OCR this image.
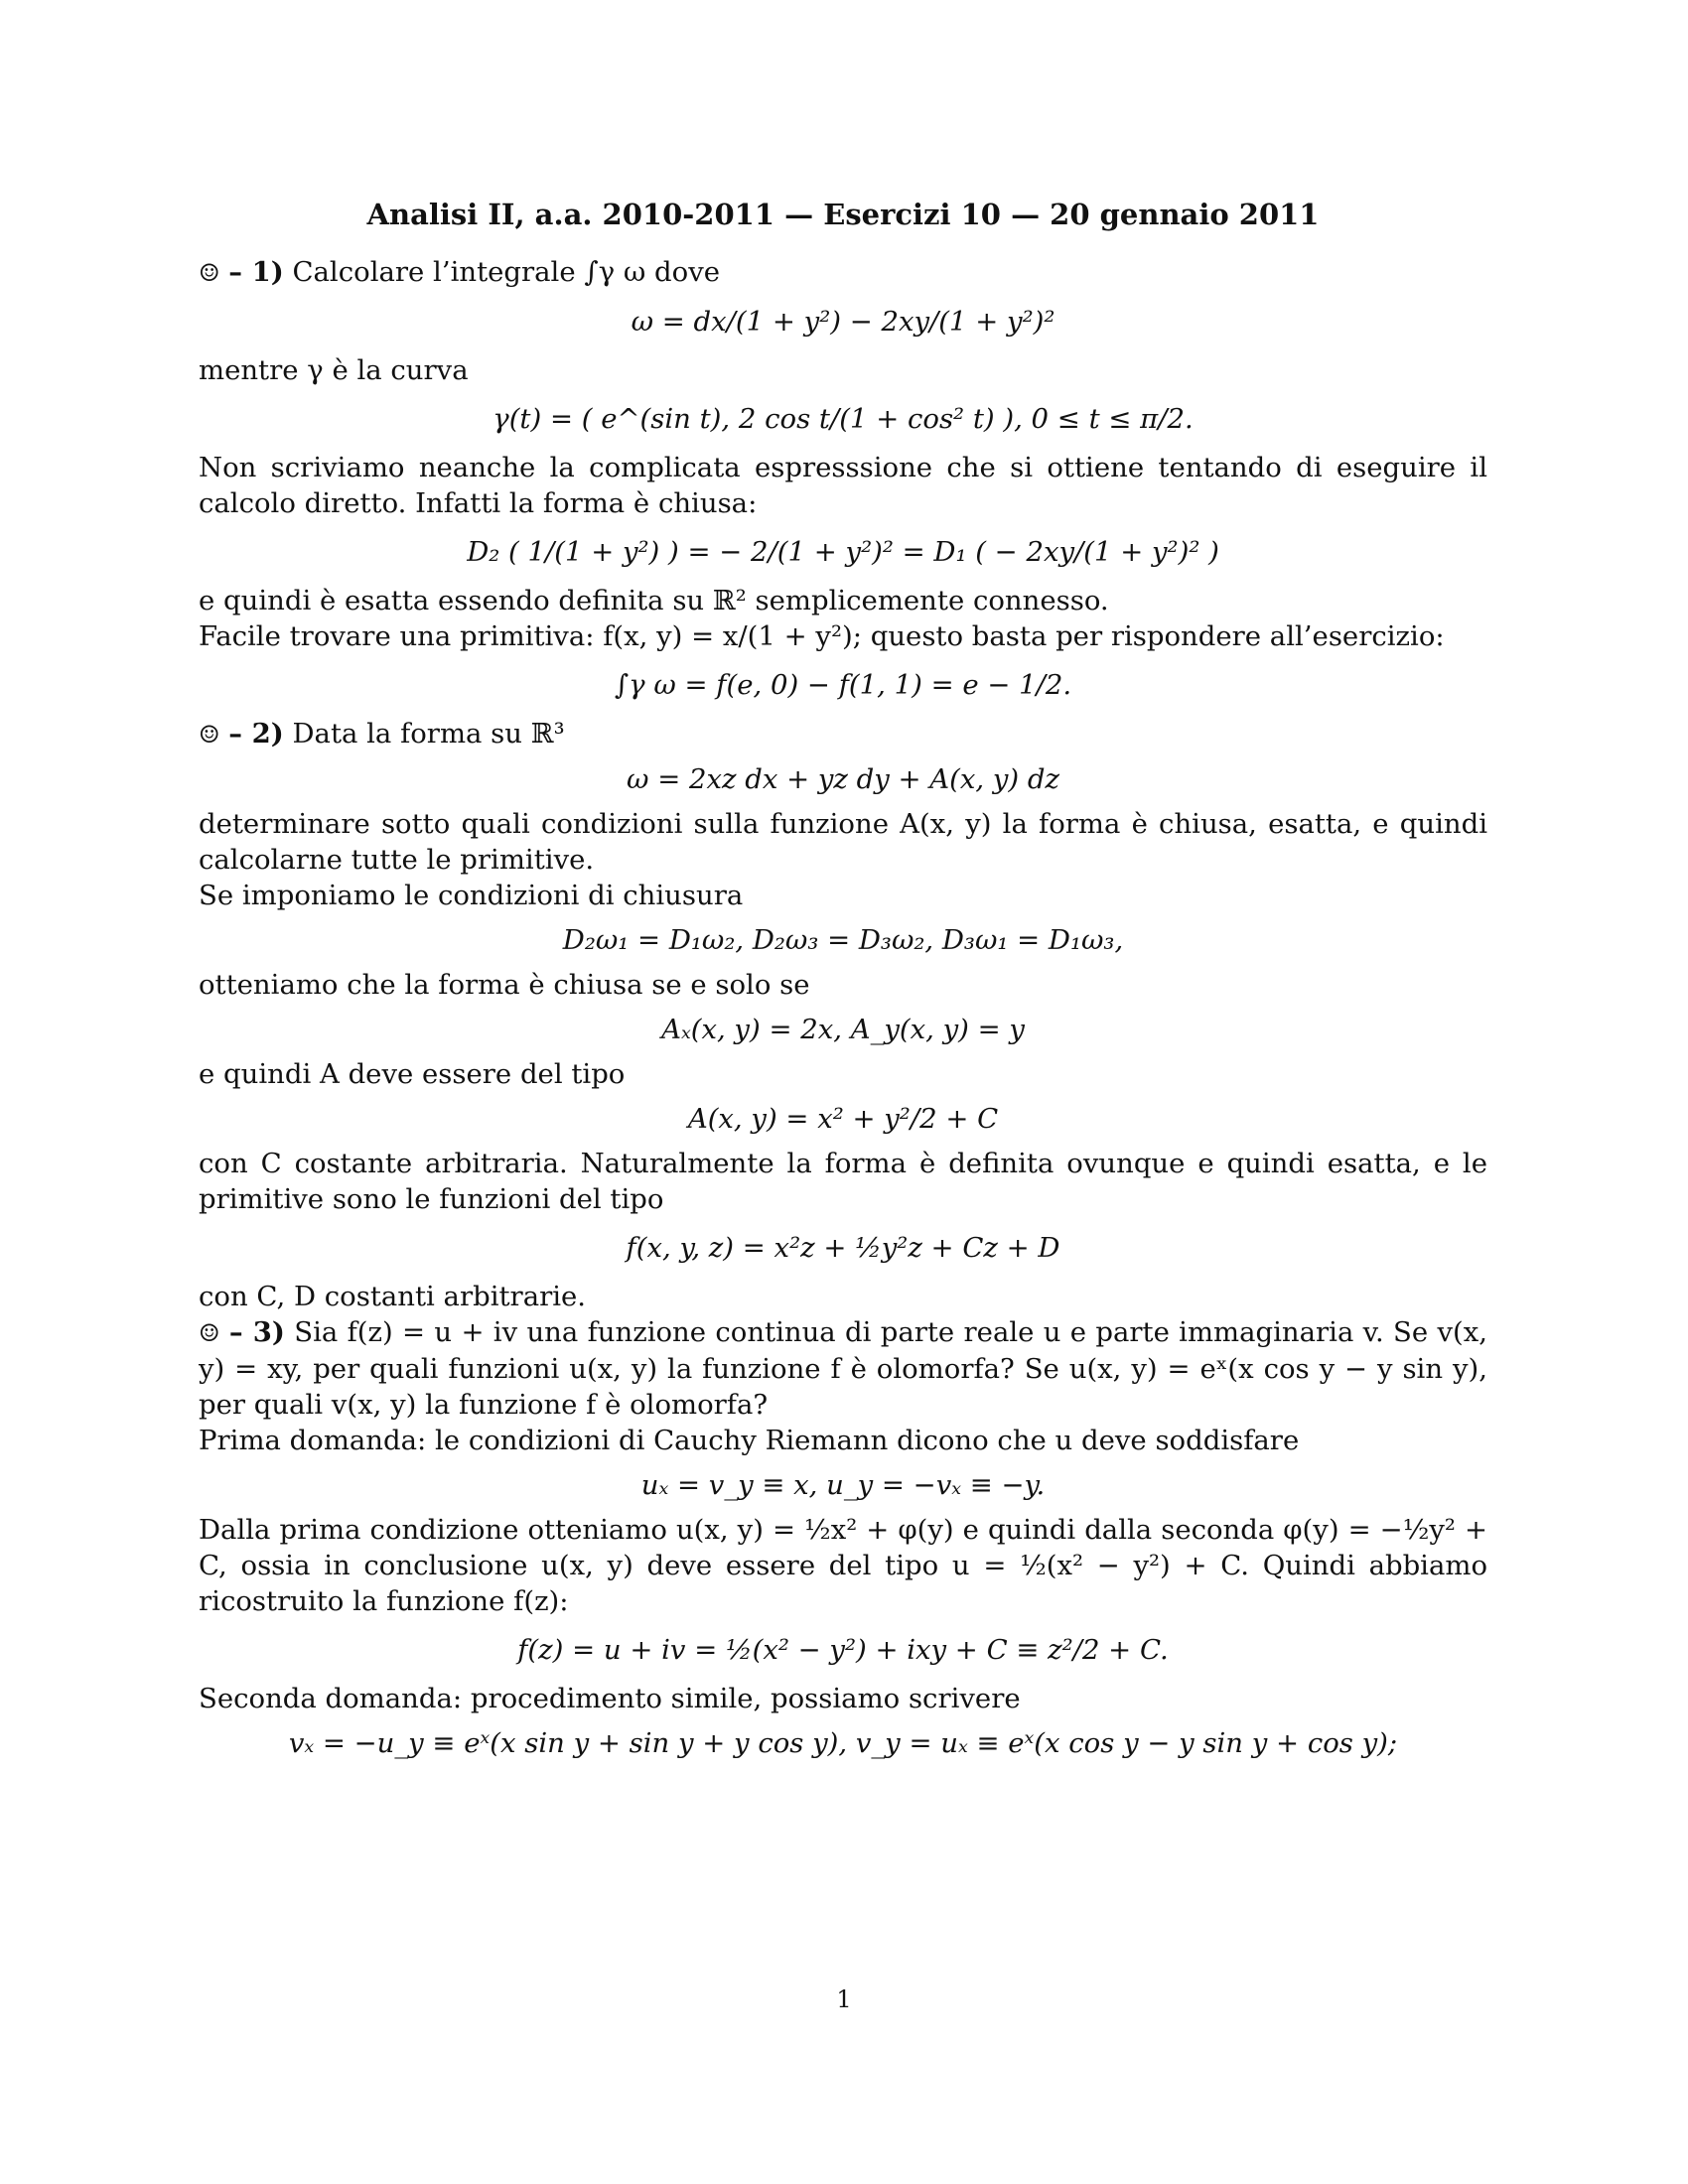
Analisi II, a.a. 2010-2011 — Esercizi 10 — 20 gennaio 2011

☺ – 1) Calcolare l’integrale ∫γ ω dove

ω = dx/(1 + y²) − 2xy/(1 + y²)²

mentre γ è la curva

γ(t) = ( e^(sin t), 2 cos t/(1 + cos² t) ), 0 ≤ t ≤ π/2.

Non scriviamo neanche la complicata espresssione che si ottiene tentando di eseguire il calcolo diretto. Infatti la forma è chiusa:

D₂ ( 1/(1 + y²) ) = − 2/(1 + y²)² = D₁ ( − 2xy/(1 + y²)² )

e quindi è esatta essendo definita su ℝ² semplicemente connesso.

Facile trovare una primitiva: f(x, y) = x/(1 + y²); questo basta per rispondere all’esercizio:

∫γ ω = f(e, 0) − f(1, 1) = e − 1/2.

☺ – 2) Data la forma su ℝ³

ω = 2xz dx + yz dy + A(x, y) dz

determinare sotto quali condizioni sulla funzione A(x, y) la forma è chiusa, esatta, e quindi calcolarne tutte le primitive.

Se imponiamo le condizioni di chiusura

D₂ω₁ = D₁ω₂, D₂ω₃ = D₃ω₂, D₃ω₁ = D₁ω₃,

otteniamo che la forma è chiusa se e solo se

Aₓ(x, y) = 2x, A_y(x, y) = y

e quindi A deve essere del tipo

A(x, y) = x² + y²/2 + C

con C costante arbitraria. Naturalmente la forma è definita ovunque e quindi esatta, e le primitive sono le funzioni del tipo

f(x, y, z) = x²z + ½y²z + Cz + D

con C, D costanti arbitrarie.

☺ – 3) Sia f(z) = u + iv una funzione continua di parte reale u e parte immaginaria v. Se v(x, y) = xy, per quali funzioni u(x, y) la funzione f è olomorfa? Se u(x, y) = eˣ(x cos y − y sin y), per quali v(x, y) la funzione f è olomorfa?

Prima domanda: le condizioni di Cauchy Riemann dicono che u deve soddisfare

uₓ = v_y ≡ x, u_y = −vₓ ≡ −y.

Dalla prima condizione otteniamo u(x, y) = ½x² + φ(y) e quindi dalla seconda φ(y) = −½y² + C, ossia in conclusione u(x, y) deve essere del tipo u = ½(x² − y²) + C. Quindi abbiamo ricostruito la funzione f(z):

f(z) = u + iv = ½(x² − y²) + ixy + C ≡ z²/2 + C.

Seconda domanda: procedimento simile, possiamo scrivere

vₓ = −u_y ≡ eˣ(x sin y + sin y + y cos y), v_y = uₓ ≡ eˣ(x cos y − y sin y + cos y);

1
